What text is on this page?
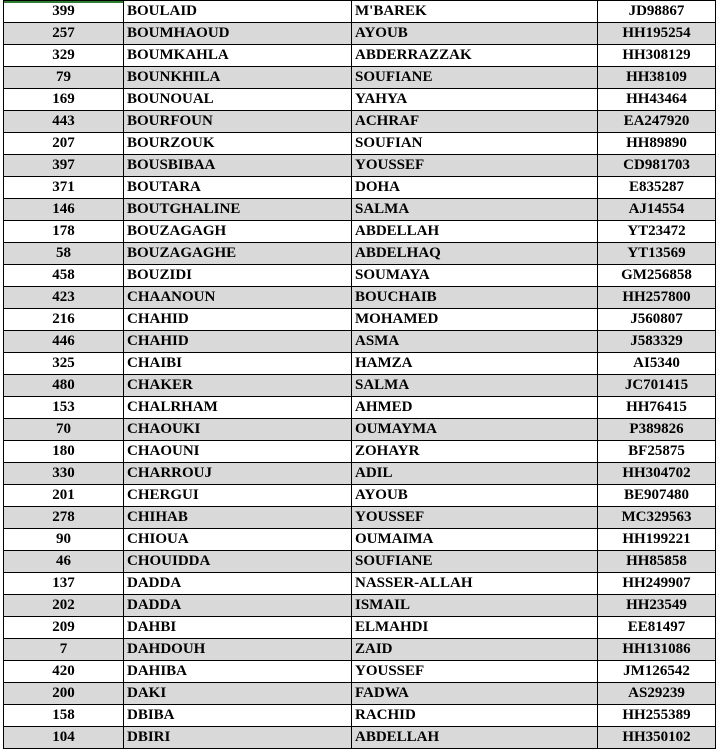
399	BOULAID	M'BAREK	JD98867
257	BOUMHAOUD	AYOUB	HH195254
329	BOUMKAHLA	ABDERRAZZAK	HH308129
79	BOUNKHILA	SOUFIANE	HH38109
169	BOUNOUAL	YAHYA	HH43464
443	BOURFOUN	ACHRAF	EA247920
207	BOURZOUK	SOUFIAN	HH89890
397	BOUSBIBAA	YOUSSEF	CD981703
371	BOUTARA	DOHA	E835287
146	BOUTGHALINE	SALMA	AJ14554
178	BOUZAGAGH	ABDELLAH	YT23472
58	BOUZAGAGHE	ABDELHAQ	YT13569
458	BOUZIDI	SOUMAYA	GM256858
423	CHAANOUN	BOUCHAIB	HH257800
216	CHAHID	MOHAMED	J560807
446	CHAHID	ASMA	J583329
325	CHAIBI	HAMZA	AI5340
480	CHAKER	SALMA	JC701415
153	CHALRHAM	AHMED	HH76415
70	CHAOUKI	OUMAYMA	P389826
180	CHAOUNI	ZOHAYR	BF25875
330	CHARROUJ	ADIL	HH304702
201	CHERGUI	AYOUB	BE907480
278	CHIHAB	YOUSSEF	MC329563
90	CHIOUA	OUMAIMA	HH199221
46	CHOUIDDA	SOUFIANE	HH85858
137	DADDA	NASSER-ALLAH	HH249907
202	DADDA	ISMAIL	HH23549
209	DAHBI	ELMAHDI	EE81497
7	DAHDOUH	ZAID	HH131086
420	DAHIBA	YOUSSEF	JM126542
200	DAKI	FADWA	AS29239
158	DBIBA	RACHID	HH255389
104	DBIRI	ABDELLAH	HH350102
